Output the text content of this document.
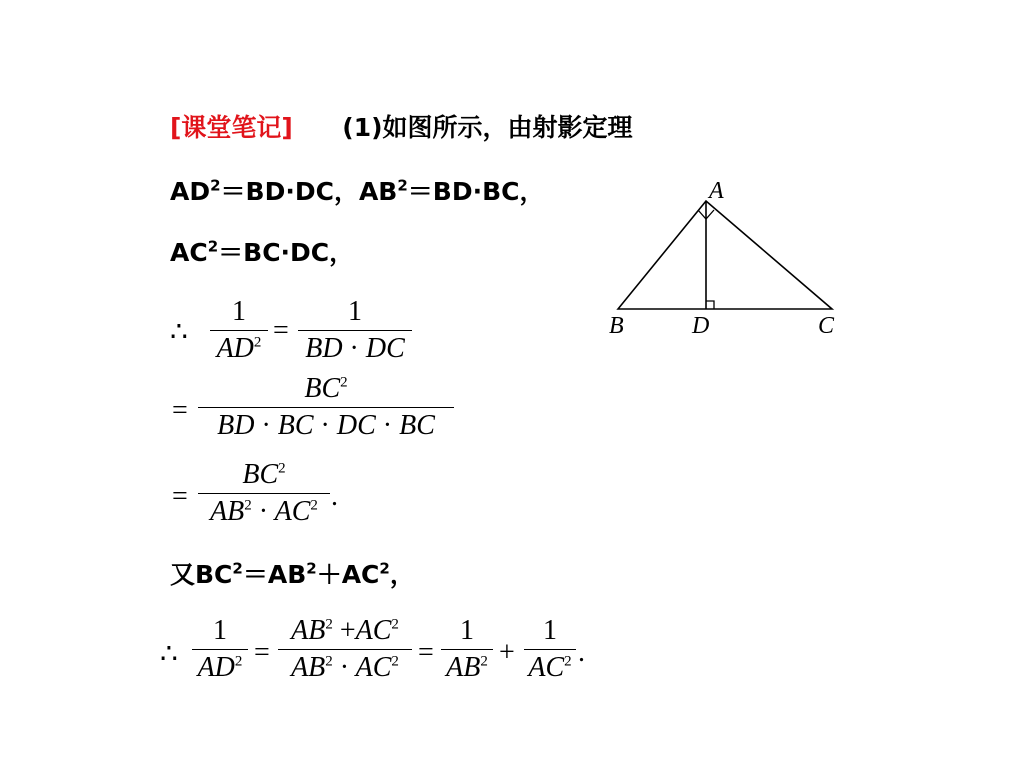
[课堂笔记] (1)如图所示，由射影定理
$AD^2=BD\cdot DC$，$AB^2=BD\cdot BC$，
$AC^2=BC\cdot DC$，
∴
1
$AD^2$ =
1
BD · DC
=
$BC^2$
BD · BC · DC · BC
=
$BC^2$
$AB^2 \cdot AC^2$ .
又$BC^2=AB^2+AC^2$，
∴
1
$AD^2$ =
$AB^2 +AC^2$
$AB^2 \cdot AC^2$ =
1
$AB^2$ +
1
$AC^2$ .
A
B	D	C
